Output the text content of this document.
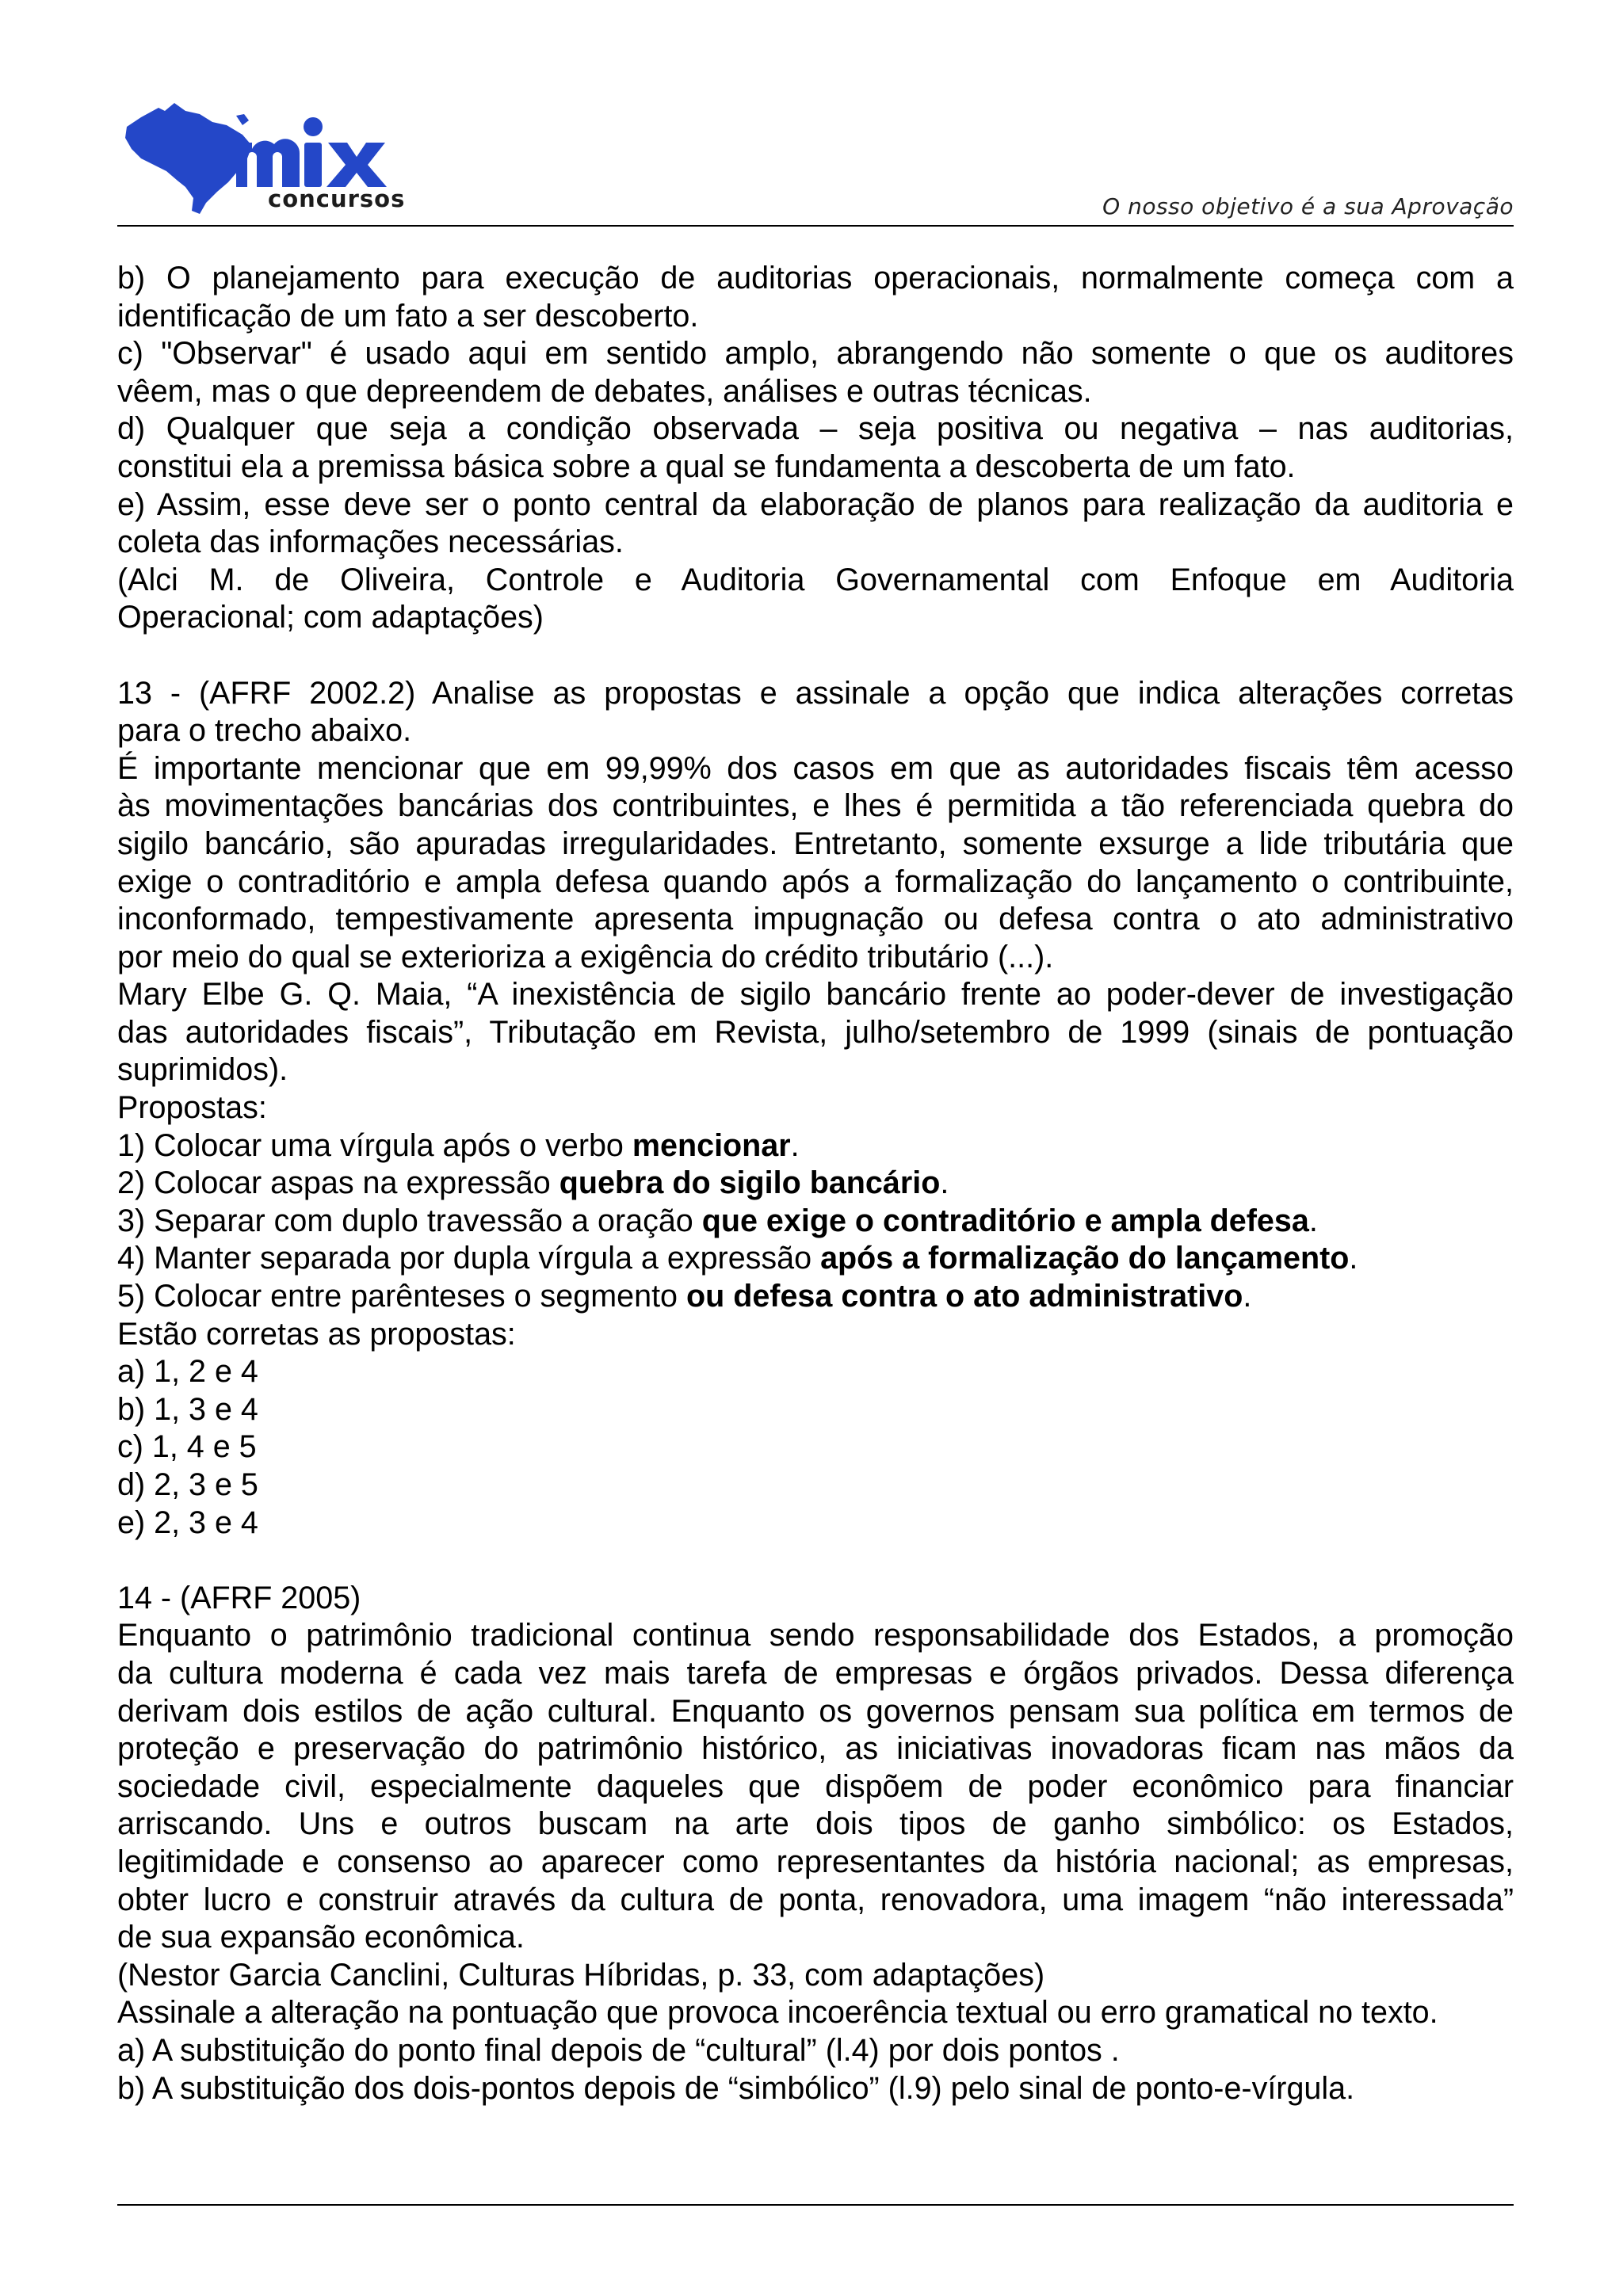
concursos	O nosso objetivo é a sua Aprovação
b) O planejamento para execução de auditorias operacionais, normalmente começa com a
identificação de um fato a ser descoberto.
c) "Observar" é usado aqui em sentido amplo, abrangendo não somente o que os auditores
vêem, mas o que depreendem de debates, análises e outras técnicas.
d) Qualquer que seja a condição observada – seja positiva ou negativa – nas auditorias,
constitui ela a premissa básica sobre a qual se fundamenta a descoberta de um fato.
e) Assim, esse deve ser o ponto central da elaboração de planos para realização da auditoria e
coleta das informações necessárias.
(Alci M. de Oliveira, Controle e Auditoria Governamental com Enfoque em Auditoria
Operacional; com adaptações)
13 - (AFRF 2002.2) Analise as propostas e assinale a opção que indica alterações corretas
para o trecho abaixo.
É importante mencionar que em 99,99% dos casos em que as autoridades fiscais têm acesso
às movimentações bancárias dos contribuintes, e lhes é permitida a tão referenciada quebra do
sigilo bancário, são apuradas irregularidades. Entretanto, somente exsurge a lide tributária que
exige o contraditório e ampla defesa quando após a formalização do lançamento o contribuinte,
inconformado, tempestivamente apresenta impugnação ou defesa contra o ato administrativo
por meio do qual se exterioriza a exigência do crédito tributário (...).
Mary Elbe G. Q. Maia, “A inexistência de sigilo bancário frente ao poder-dever de investigação
das autoridades fiscais”, Tributação em Revista, julho/setembro de 1999 (sinais de pontuação
suprimidos).
Propostas:
1) Colocar uma vírgula após o verbo mencionar.
2) Colocar aspas na expressão quebra do sigilo bancário.
3) Separar com duplo travessão a oração que exige o contraditório e ampla defesa.
4) Manter separada por dupla vírgula a expressão após a formalização do lançamento.
5) Colocar entre parênteses o segmento ou defesa contra o ato administrativo.
Estão corretas as propostas:
a) 1, 2 e 4
b) 1, 3 e 4
c) 1, 4 e 5
d) 2, 3 e 5
e) 2, 3 e 4
14 - (AFRF 2005)
Enquanto o patrimônio tradicional continua sendo responsabilidade dos Estados, a promoção
da cultura moderna é cada vez mais tarefa de empresas e órgãos privados. Dessa diferença
derivam dois estilos de ação cultural. Enquanto os governos pensam sua política em termos de
proteção e preservação do patrimônio histórico, as iniciativas inovadoras ficam nas mãos da
sociedade civil, especialmente daqueles que dispõem de poder econômico para financiar
arriscando. Uns e outros buscam na arte dois tipos de ganho simbólico: os Estados,
legitimidade e consenso ao aparecer como representantes da história nacional; as empresas,
obter lucro e construir através da cultura de ponta, renovadora, uma imagem “não interessada”
de sua expansão econômica.
(Nestor Garcia Canclini, Culturas Híbridas, p. 33, com adaptações)
Assinale a alteração na pontuação que provoca incoerência textual ou erro gramatical no texto.
a) A substituição do ponto final depois de “cultural” (l.4) por dois pontos .
b) A substituição dos dois-pontos depois de “simbólico” (l.9) pelo sinal de ponto-e-vírgula.
